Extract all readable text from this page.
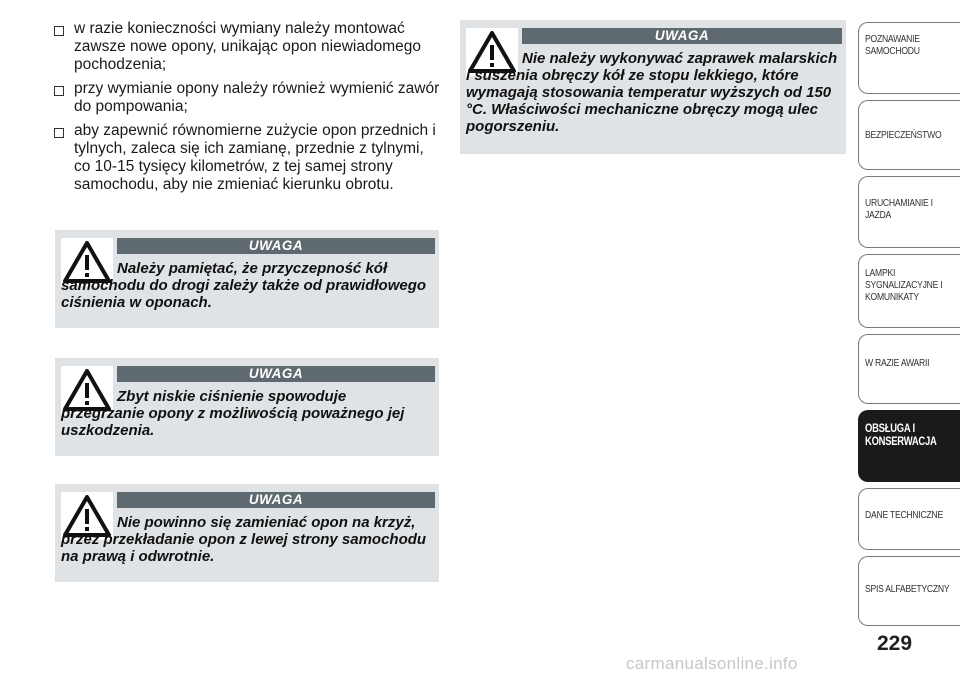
w razie konieczności wymiany należy montować zawsze nowe opony, unikając opon niewiadomego pochodzenia;
przy wymianie opony należy również wymienić zawór do pompowania;
aby zapewnić równomierne zużycie opon przednich i tylnych, zaleca się ich zamianę, przednie z tylnymi, co 10-15 tysięcy kilometrów, z tej samej strony samochodu, aby nie zmieniać kierunku obrotu.
UWAGA
Należy pamiętać, że przyczepność kół samochodu do drogi zależy także od prawidłowego ciśnienia w oponach.
UWAGA
Zbyt niskie ciśnienie spowoduje przegrzanie opony z możliwością poważnego jej uszkodzenia.
UWAGA
Nie powinno się zamieniać opon na krzyż, przez przekładanie opon z lewej strony samochodu na prawą i odwrotnie.
UWAGA
Nie należy wykonywać zaprawek malarskich i suszenia obręczy kół ze stopu lekkiego, które wymagają stosowania temperatur wyższych od 150 °C. Właściwości mechaniczne obręczy mogą ulec pogorszeniu.
POZNAWANIE
SAMOCHODU
BEZPIECZEŃSTWO
URUCHAMIANIE I
JAZDA
LAMPKI
SYGNALIZACYJNE I
KOMUNIKATY
W RAZIE AWARII
OBSŁUGA I
KONSERWACJA
DANE TECHNICZNE
SPIS ALFABETYCZNY
229
carmanualsonline.info
